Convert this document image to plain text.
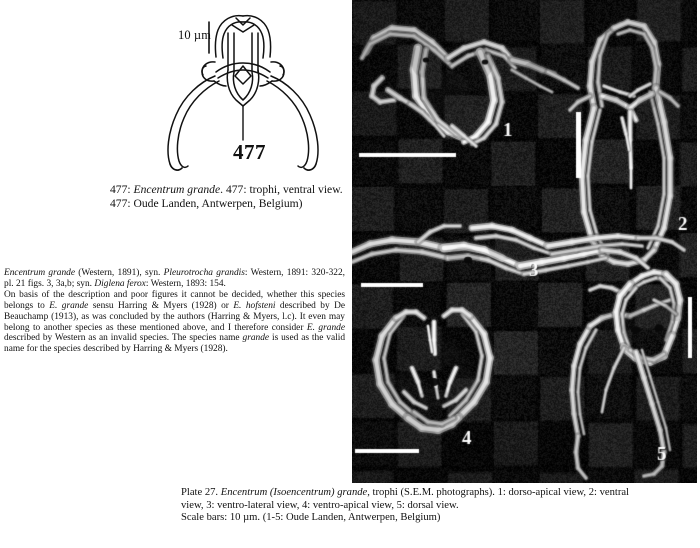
10 µm
477
477: Encentrum grande. 477: trophi, ventral view.
477: Oude Landen, Antwerpen, Belgium)

Encentrum grande (Western, 1891), syn. Pleurotrocha grandis: Western, 1891: 320-322, pl. 21 figs. 3, 3a,b; syn. Diglena ferox: Western, 1893: 154.

On basis of the description and poor figures it cannot be decided, whether this species belongs to E. grande sensu Harring & Myers (1928) or E. hofsteni described by De Beauchamp (1913), as was concluded by the authors (Harring & Myers, l.c). It even may belong to another species as these mentioned above, and I therefore consider E. grande described by Western as an invalid species. The species name grande is used as the valid name for the species described by Harring & Myers (1928).

Plate 27. Encentrum (Isoencentrum) grande, trophi (S.E.M. photographs). 1: dorso-apical view, 2: ventral
view, 3: ventro-lateral view, 4: ventro-apical view, 5: dorsal view.
Scale bars: 10 µm. (1-5: Oude Landen, Antwerpen, Belgium)
